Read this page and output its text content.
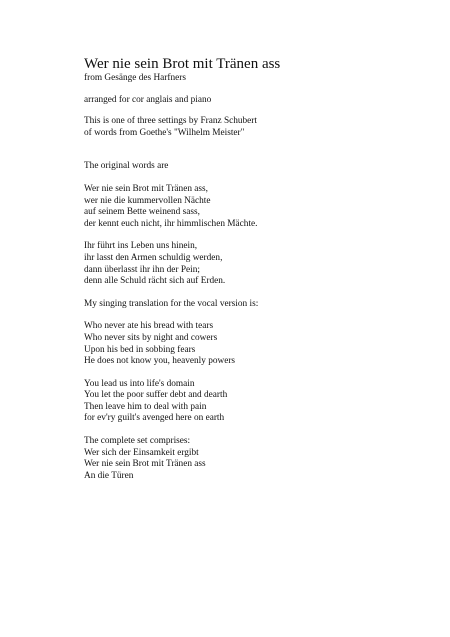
Wer nie sein Brot mit Tränen ass

from Gesänge des Harfners

arranged for cor anglais and piano

This is one of three settings by Franz Schubert

of words from Goethe's "Wilhelm Meister"

The original words are

Wer nie sein Brot mit Tränen ass,

wer nie die kummervollen Nächte

auf seinem Bette weinend sass,

der kennt euch nicht, ihr himmlischen Mächte.

Ihr führt ins Leben uns hinein,

ihr lasst den Armen schuldig werden,

dann überlasst ihr ihn der Pein;

denn alle Schuld rächt sich auf Erden.

My singing translation for the vocal version is:

Who never ate his bread with tears

Who never sits by night and cowers

Upon his bed in sobbing fears

He does not know you, heavenly powers

You lead us into life's domain

You let the poor suffer debt and dearth

Then leave him to deal with pain

for ev'ry guilt's avenged here on earth

The complete set comprises:

Wer sich der Einsamkeit ergibt

Wer nie sein Brot mit Tränen ass

An die Türen
